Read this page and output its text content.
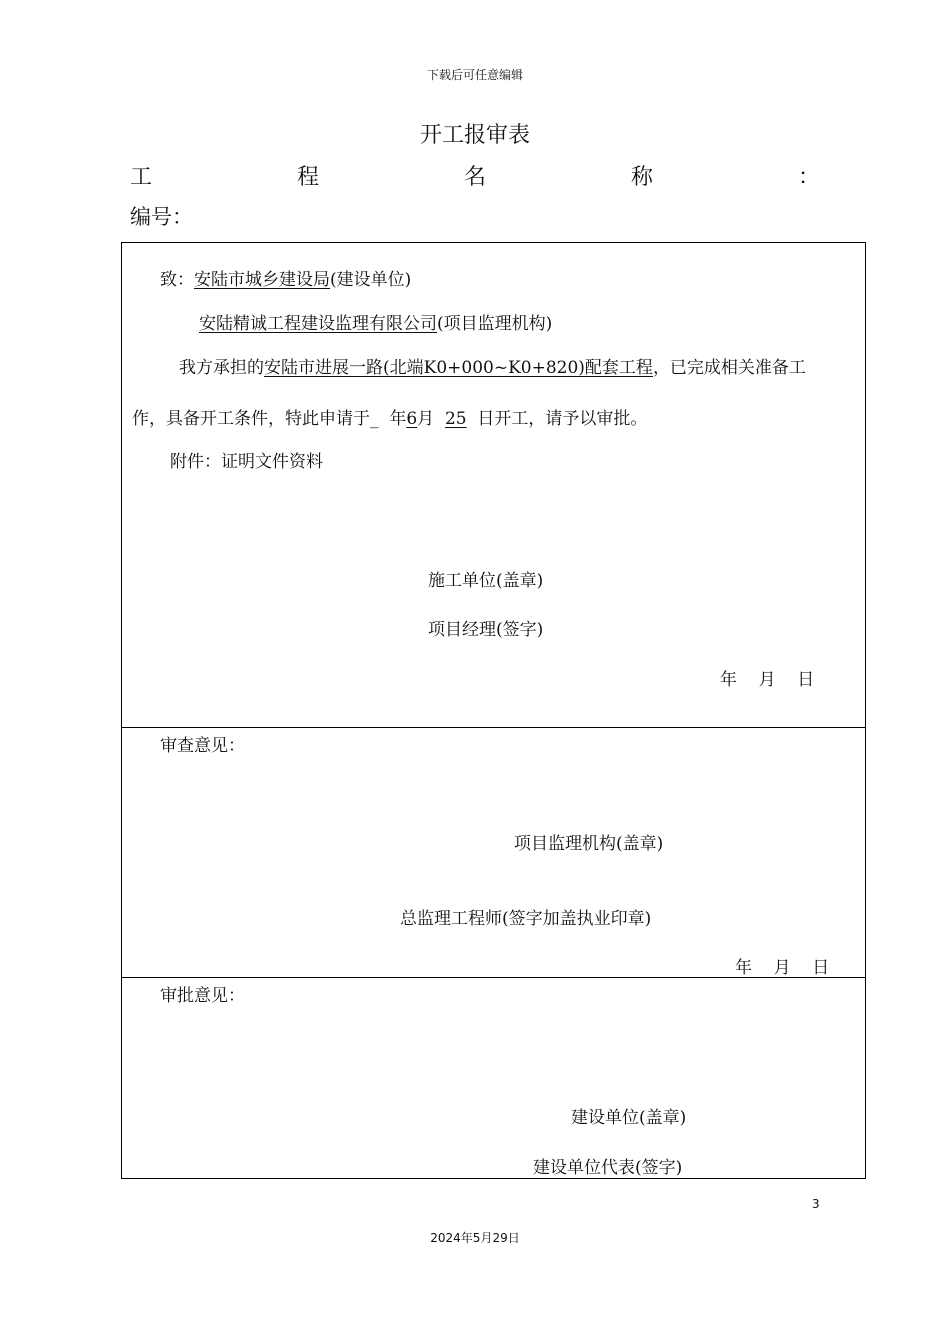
下载后可任意编辑
开工报审表
工	程	名	称	：
编号：
致：安陆市城乡建设局(建设单位)
安陆精诚工程建设监理有限公司(项目监理机构)
我方承担的安陆市进展一路(北端K0+000~K0+820)配套工程，已完成相关准备工
作，具备开工条件，特此申请于_ 年6月 25 日开工，请予以审批。
附件：证明文件资料
施工单位(盖章)
项目经理(签字)
年    月    日
审查意见：
项目监理机构(盖章)
总监理工程师(签字加盖执业印章)
年    月    日
审批意见：
建设单位(盖章)
建设单位代表(签字)
3
2024年5月29日
